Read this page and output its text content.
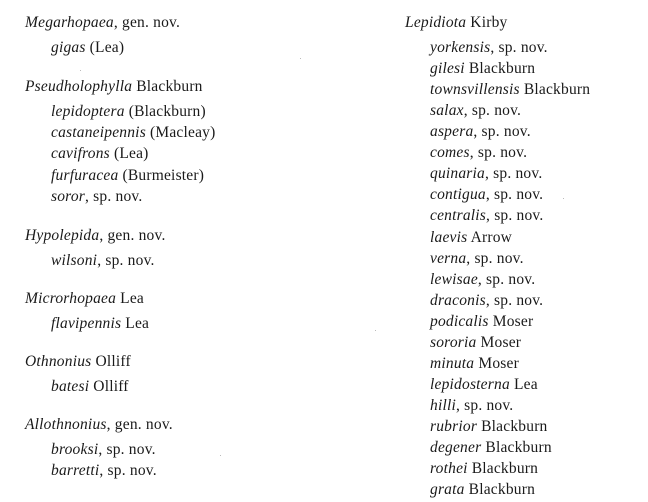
Megarhopaea, gen. nov.
gigas (Lea)
Pseudholophylla Blackburn
lepidoptera (Blackburn)
castaneipennis (Macleay)
cavifrons (Lea)
furfuracea (Burmeister)
soror, sp. nov.
Hypolepida, gen. nov.
wilsoni, sp. nov.
Microrhopaea Lea
flavipennis Lea
Othnonius Olliff
batesi Olliff
Allothnonius, gen. nov.
brooksi, sp. nov.
barretti, sp. nov.
Lepidiota Kirby
yorkensis, sp. nov.
gilesi Blackburn
townsvillensis Blackburn
salax, sp. nov.
aspera, sp. nov.
comes, sp. nov.
quinaria, sp. nov.
contigua, sp. nov.
centralis, sp. nov.
laevis Arrow
verna, sp. nov.
lewisae, sp. nov.
draconis, sp. nov.
podicalis Moser
sororia Moser
minuta Moser
lepidosterna Lea
hilli, sp. nov.
rubrior Blackburn
degener Blackburn
rothei Blackburn
grata Blackburn
